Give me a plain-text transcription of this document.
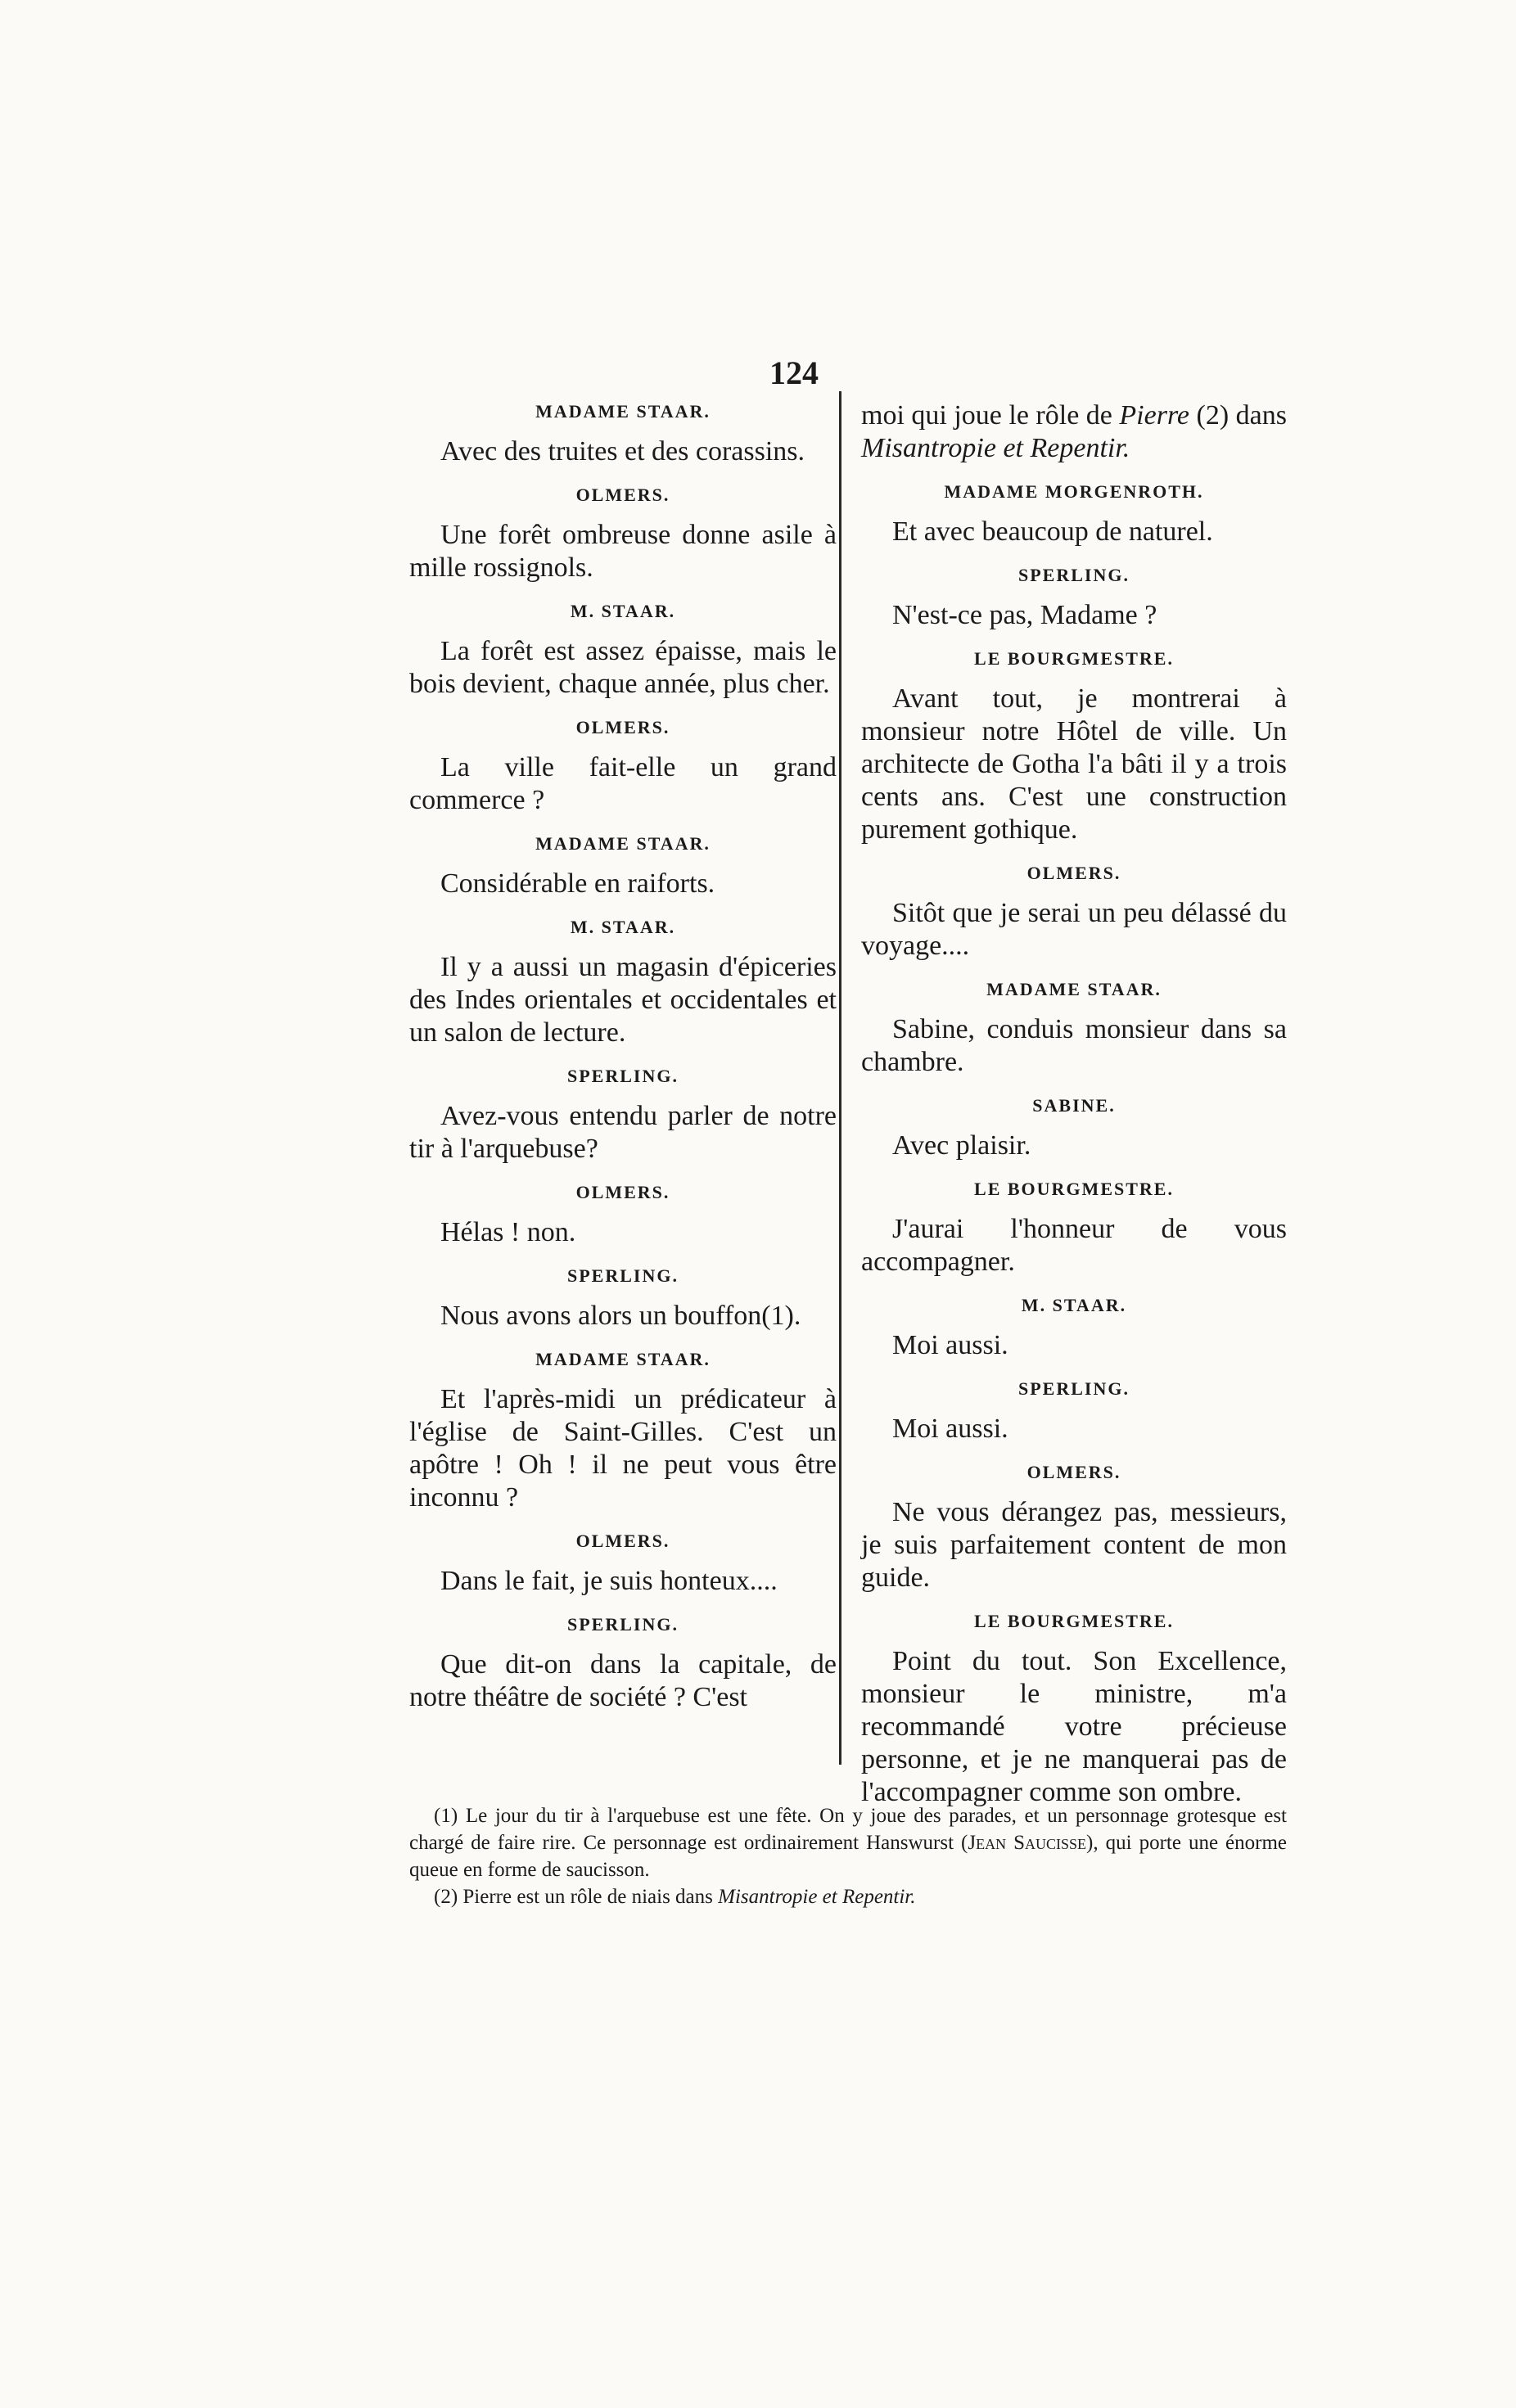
124

MADAME STAAR.

Avec des truites et des corassins.

OLMERS.

Une forêt ombreuse donne asile à mille rossignols.

M. STAAR.

La forêt est assez épaisse, mais le bois devient, chaque année, plus cher.

OLMERS.

La ville fait-elle un grand commerce ?

MADAME STAAR.

Considérable en raiforts.

M. STAAR.

Il y a aussi un magasin d'épiceries des Indes orientales et occidentales et un salon de lecture.

SPERLING.

Avez-vous entendu parler de notre tir à l'arquebuse?

OLMERS.

Hélas ! non.

SPERLING.

Nous avons alors un bouffon(1).

MADAME STAAR.

Et l'après-midi un prédicateur à l'église de Saint-Gilles. C'est un apôtre ! Oh ! il ne peut vous être inconnu ?

OLMERS.

Dans le fait, je suis honteux....

SPERLING.

Que dit-on dans la capitale, de notre théâtre de société ? C'est

moi qui joue le rôle de Pierre (2) dans Misantropie et Repentir.

MADAME MORGENROTH.

Et avec beaucoup de naturel.

SPERLING.

N'est-ce pas, Madame ?

LE BOURGMESTRE.

Avant tout, je montrerai à monsieur notre Hôtel de ville. Un architecte de Gotha l'a bâti il y a trois cents ans. C'est une construction purement gothique.

OLMERS.

Sitôt que je serai un peu délassé du voyage....

MADAME STAAR.

Sabine, conduis monsieur dans sa chambre.

SABINE.

Avec plaisir.

LE BOURGMESTRE.

J'aurai l'honneur de vous accompagner.

M. STAAR.

Moi aussi.

SPERLING.

Moi aussi.

OLMERS.

Ne vous dérangez pas, messieurs, je suis parfaitement content de mon guide.

LE BOURGMESTRE.

Point du tout. Son Excellence, monsieur le ministre, m'a recommandé votre précieuse personne, et je ne manquerai pas de l'accompagner comme son ombre.

(1) Le jour du tir à l'arquebuse est une fête. On y joue des parades, et un personnage grotesque est chargé de faire rire. Ce personnage est ordinairement Hanswurst (Jean Saucisse), qui porte une énorme queue en forme de saucisson.

(2) Pierre est un rôle de niais dans Misantropie et Repentir.
